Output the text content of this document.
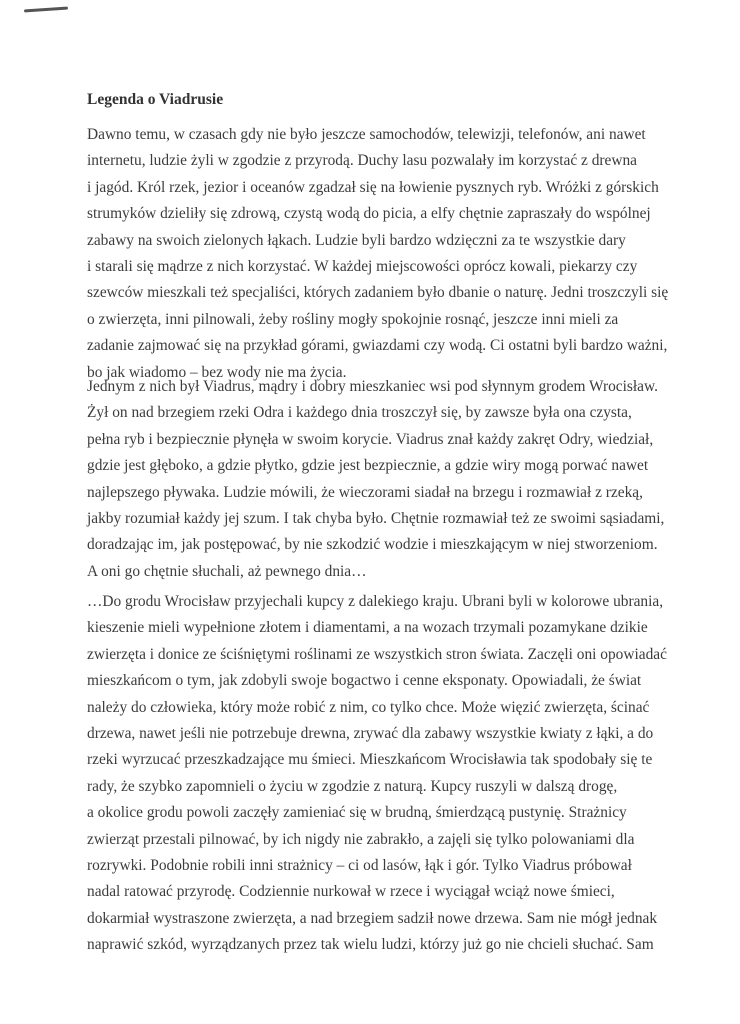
Legenda o Viadrusie
Dawno temu, w czasach gdy nie było jeszcze samochodów, telewizji, telefonów, ani nawet
internetu, ludzie żyli w zgodzie z przyrodą. Duchy lasu pozwalały im korzystać z drewna
i jagód. Król rzek, jezior i oceanów zgadzał się na łowienie pysznych ryb. Wróżki z górskich
strumyków dzieliły się zdrową, czystą wodą do picia, a elfy chętnie zapraszały do wspólnej
zabawy na swoich zielonych łąkach. Ludzie byli bardzo wdzięczni za te wszystkie dary
i starali się mądrze z nich korzystać. W każdej miejscowości oprócz kowali, piekarzy czy
szewców mieszkali też specjaliści, których zadaniem było dbanie o naturę. Jedni troszczyli się
o zwierzęta, inni pilnowali, żeby rośliny mogły spokojnie rosnąć, jeszcze inni mieli za
zadanie zajmować się na przykład górami, gwiazdami czy wodą. Ci ostatni byli bardzo ważni,
bo jak wiadomo – bez wody nie ma życia.
Jednym z nich był Viadrus, mądry i dobry mieszkaniec wsi pod słynnym grodem Wrocisław.
Żył on nad brzegiem rzeki Odra i każdego dnia troszczył się, by zawsze była ona czysta,
pełna ryb i bezpiecznie płynęła w swoim korycie. Viadrus znał każdy zakręt Odry, wiedział,
gdzie jest głęboko, a gdzie płytko, gdzie jest bezpiecznie, a gdzie wiry mogą porwać nawet
najlepszego pływaka. Ludzie mówili, że wieczorami siadał na brzegu i rozmawiał z rzeką,
jakby rozumiał każdy jej szum. I tak chyba było. Chętnie rozmawiał też ze swoimi sąsiadami,
doradzając im, jak postępować, by nie szkodzić wodzie i mieszkającym w niej stworzeniom.
A oni go chętnie słuchali, aż pewnego dnia…
…Do grodu Wrocisław przyjechali kupcy z dalekiego kraju. Ubrani byli w kolorowe ubrania,
kieszenie mieli wypełnione złotem i diamentami, a na wozach trzymali pozamykane dzikie
zwierzęta i donice ze ściśniętymi roślinami ze wszystkich stron świata. Zaczęli oni opowiadać
mieszkańcom o tym, jak zdobyli swoje bogactwo i cenne eksponaty. Opowiadali, że świat
należy do człowieka, który może robić z nim, co tylko chce. Może więzić zwierzęta, ścinać
drzewa, nawet jeśli nie potrzebuje drewna, zrywać dla zabawy wszystkie kwiaty z łąki, a do
rzeki wyrzucać przeszkadzające mu śmieci. Mieszkańcom Wrocisławia tak spodobały się te
rady, że szybko zapomnieli o życiu w zgodzie z naturą. Kupcy ruszyli w dalszą drogę,
a okolice grodu powoli zaczęły zamieniać się w brudną, śmierdzącą pustynię. Strażnicy
zwierząt przestali pilnować, by ich nigdy nie zabrakło, a zajęli się tylko polowaniami dla
rozrywki. Podobnie robili inni strażnicy – ci od lasów, łąk i gór. Tylko Viadrus próbował
nadal ratować przyrodę. Codziennie nurkował w rzece i wyciągał wciąż nowe śmieci,
dokarmiał wystraszone zwierzęta, a nad brzegiem sadził nowe drzewa. Sam nie mógł jednak
naprawić szkód, wyrządzanych przez tak wielu ludzi, którzy już go nie chcieli słuchać. Sam
